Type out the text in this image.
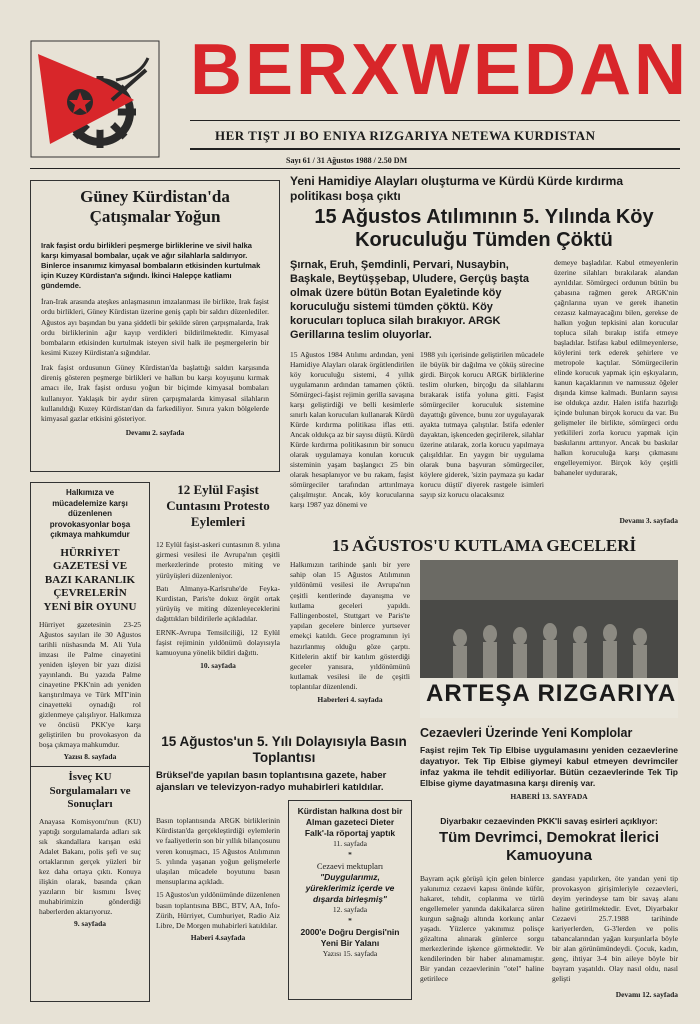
BERXWEDAN
HER TIŞT JI BO ENIYA RIZGARIYA NETEWA KURDISTAN
Sayı 61 / 31 Ağustos 1988 / 2.50 DM

Güney Kürdistan'da Çatışmalar Yoğun

Irak faşist ordu birlikleri peşmerge birliklerine ve sivil halka karşı kimyasal bombalar, uçak ve ağır silahlarla saldırıyor. Binlerce insanımız kimyasal bombaların etkisinden kurtulmak için Kuzey Kürdistan'a sığındı. İkinci Halepçe katliamı gündemde.

İran-Irak arasında ateşkes anlaşmasının imzalanması ile birlikte, Irak faşist ordu birlikleri, Güney Kürdistan üzerine geniş çaplı bir saldırı düzenlediler. Ağustos ayı başından bu yana şiddetli bir şekilde süren çarpışmalarda, Irak ordu birliklerinin ağır kayıp verdikleri bildirilmektedir. Kimyasal bombaların etkisinden kurtulmak isteyen sivil halk ile peşmergelerin bir kesimi Kuzey Kürdistan'a sığındılar.

Irak faşist ordusunun Güney Kürdistan'da başlattığı saldırı karşısında direniş gösteren peşmerge birlikleri ve halkın bu karşı koyuşunu kırmak amacı ile, Irak faşist ordusu yoğun bir biçimde kimyasal bombaları kullanıyor. Yaklaşık bir aydır süren çarpışmalarda kimyasal silahların kullanıldığı Kuzey Kürdistan'dan da farkediliyor. Sınıra yakın bölgelerde kimyasal gazlar etkisini gösteriyor.

Devamı 2. sayfada

Yeni Hamidiye Alayları oluşturma ve Kürdü Kürde kırdırma politikası boşa çıktı

15 Ağustos Atılımının 5. Yılında Köy Koruculuğu Tümden Çöktü

Şırnak, Eruh, Şemdinli, Pervari, Nusaybin, Başkale, Beytüşşebap, Uludere, Gerçüş başta olmak üzere bütün Botan Eyaletinde köy koruculuğu sistemi tümden çöktü. Köy korucuları topluca silah bırakıyor. ARGK Gerillarına teslim oluyorlar.

15 Ağustos 1984 Atılımı ardından, yeni Hamidiye Alayları olarak örgütlendirilen köy koruculuğu sistemi, 4 yıllık uygulamanın ardından tamamen çöktü. Sömürgeci-faşist rejimin gerilla savaşına karşı geliştirdiği ve belli kesimlerle sınırlı kalan korucuları kullanarak Kürdü Kürde kırdırma politikası iflas etti. Ancak oldukça az bir sayısı düştü. Kürdü Kürde kırdırma politikasının bir sonucu olarak uygulamaya konulan korucuk sisteminin yaşam başlangıcı 25 bin olarak hesaplanıyor ve bu rakam, faşist sömürgeciler tarafından arttırılmaya çalışılmıştır. Ancak, köy korucularına karşı 1987 yaz dönemi ve

1988 yılı içerisinde geliştirilen mücadele ile büyük bir dağılma ve çöküş sürecine girdi. Birçok korucu ARGK birliklerine teslim olurken, birçoğu da silahlarını bırakarak istifa yoluna gitti. Faşist sömürgeciler koruculuk sistemine dayattığı güvence, bunu zor uygulayarak ayakta tutmaya çalıştılar. İstifa edenler dayaktan, işkenceden geçirilerek, silahlar üzerine atılarak, zorla korucu yapılmaya çalışıldılar. En yaygın bir uygulama olarak buna başvuran sömürgeciler, köylere giderek, 'sizin paymaza şu kadar korucu düştü' diyerek rastgele isimleri sayıp siz korucu olacaksınız

demeye başladılar. Kabul etmeyenlerin üzerine silahları bırakılarak alandan ayrıldılar. Sömürgeci ordunun bütün bu çabasına rağmen gerek ARGK'nin çağrılarına uyan ve gerek ihanetin cezasız kalmayacağını bilen, gerekse de halkın yoğun tepkisini alan korucular topluca silah bırakıp istifa etmeye başladılar. İstifası kabul edilmeyenlerse, köylerini terk ederek şehirlere ve metropole kaçtılar. Sömürgecilerin elinde korucuk yapmak için eşkıyaların, kanun kaçaklarının ve namussuz öğeler dışında kimse kalmadı. Bunların sayısı ise oldukça azdır. Halen istifa hazırlığı içinde bulunan birçok korucu da var. Bu gelişmeler ile birlikte, sömürgeci ordu yetkilileri zorla korucu yapmak için baskılarını arttırıyor. Ancak bu baskılar halkın koruculuğa karşı çıkmasını engelleyemiyor. Birçok köy çeşitli bahaneler uydurarak,

Devamı 3. sayfada

Halkımıza ve mücadelemize karşı düzenlenen provokasyonlar boşa çıkmaya mahkumdur

HÜRRİYET GAZETESİ VE BAZI KARANLIK ÇEVRELERİN YENİ BİR OYUNU

Hürriyet gazetesinin 23-25 Ağustos sayıları ile 30 Ağustos tarihli nüshasında M. Ali Yula imzası ile Palme cinayetini yeniden işleyen bir yazı dizisi yayınlandı. Bu yazıda Palme cinayetine PKK'nin adı yeniden karıştırılmaya ve Türk MİT'inin cinayetteki oynadığı rol gizlenmeye çalışılıyor. Halkımıza ve öncüsü PKK'ye karşı geliştirilen bu provokasyon da boşa çıkmaya mahkumdur.

Yazısı 8. sayfada

İsveç KU Sorgulamaları ve Sonuçları

Anayasa Komisyonu'nun (KU) yaptığı sorgulamalarda adları sık sık skandallara karışan eski Adalet Bakanı, polis şefi ve suç ortaklarının gerçek yüzleri bir kez daha ortaya çıktı. Konuya ilişkin olarak, basında çıkan yazıların bir kısmını İsveç muhabirimizin gönderdiği haberlerden aktarıyoruz.

9. sayfada

12 Eylül Faşist Cuntasını Protesto Eylemleri

12 Eylül faşist-askeri cuntasının 8. yılına girmesi vesilesi ile Avrupa'nın çeşitli merkezlerinde protesto miting ve yürüyüşleri düzenleniyor.

Batı Almanya-Karlsruhe'de Feyka-Kurdistan, Paris'te dokuz örgüt ortak yürüyüş ve miting düzenleyeceklerini dağıttıkları bildirilerle açıkladılar.

ERNK-Avrupa Temsilciliği, 12 Eylül faşist rejiminin yıldönümü dolayısıyla kamuoyuna yönelik bildiri dağıttı.

10. sayfada

15 AĞUSTOS'U KUTLAMA GECELERİ

Halkımızın tarihinde şanlı bir yere sahip olan 15 Ağustos Atılımının yıldönümü vesilesi ile Avrupa'nın çeşitli kentlerinde dayanışma ve kutlama geceleri yapıldı. Fallingenbostel, Stuttgart ve Paris'te yapılan gecelere binlerce yurtsever emekçi katıldı. Gece programının iyi hazırlanmış olduğu göze çarptı. Kitlelerin aktif bir katılım gösterdiği geceler yanısıra, yıldönümünü kutlamak vesilesi ile de çeşitli toplantılar düzenlendi.

Haberleri 4. sayfada	ARTEŞA RIZGARIYA

Cezaevleri Üzerinde Yeni Komplolar

Faşist rejim Tek Tip Elbise uygulamasını yeniden cezaevlerine dayatıyor. Tek Tip Elbise giymeyi kabul etmeyen devrimciler infaz yakma ile tehdit ediliyorlar. Bütün cezaevlerinde Tek Tip Elbise giyme dayatmasına karşı direniş var.

HABERİ 13. SAYFADA

15 Ağustos'un 5. Yılı Dolayısıyla Basın Toplantısı

Brüksel'de yapılan basın toplantısına gazete, haber ajansları ve televizyon-radyo muhabirleri katıldılar.

Basın toplantısında ARGK birliklerinin Kürdistan'da gerçekleştirdiği eylemlerin ve faaliyetlerin son bir yıllık bilançosunu veren konuşmacı, 15 Ağustos Atılımının 5. yılında yaşanan yoğun gelişmelerle ulaşılan mücadele boyutunu basın mensuplarına açıkladı.

15 Ağustos'un yıldönümünde düzenlenen basın toplantısına BBC, BTV, AA, Info-Zürih, Hürriyet, Cumhuriyet, Radio Aiz Libre, De Morgen muhabirleri katıldılar.

Haberi 4.sayfada

Kürdistan halkına dost bir Alman gazeteci Dieter Falk'-la röportaj yaptık

11. sayfada
*

Cezaevi mektupları

"Duygularımız, yüreklerimiz içerde ve dışarda birleşmiş"

12. sayfada
*

2000'e Doğru Dergisi'nin Yeni Bir Yalanı

Yazısı 15. sayfada

Diyarbakır cezaevinden PKK'li savaş esirleri açıklıyor:

Tüm Devrimci, Demokrat İlerici Kamuoyuna

Bayram açık görüşü için gelen binlerce yakınımız cezaevi kapısı önünde küfür, hakaret, tehdit, coplanma ve türlü engellemeler yanında dakikalarca süren kurgun sağnağı altında korkunç anlar yaşadı. Yüzlerce yakınımız polisçe gözaltına alınarak günlerce sorgu merkezlerinde işkence görmektedir. Ve kendilerinden bir haber alınamamıştır. Bir yandan cezaevlerinin "otel" haline getirilece

gandası yapılırken, öte yandan yeni tip provokasyon girişimleriyle cezaevleri, deyim yerindeyse tam bir savaş alanı haline getirilmektedir. Evet, Diyarbakır Cezaevi 25.7.1988 tarihinde kariyerlerden, G-3'lerden ve polis tabancalarından yağan kurşunlarla böyle bir alan görünümündeydi. Çocuk, kadın, genç, ihtiyar 3-4 bin aileye böyle bir bayram yaşatıldı. Olay nasıl oldu, nasıl gelişti

Devamı 12. sayfada
